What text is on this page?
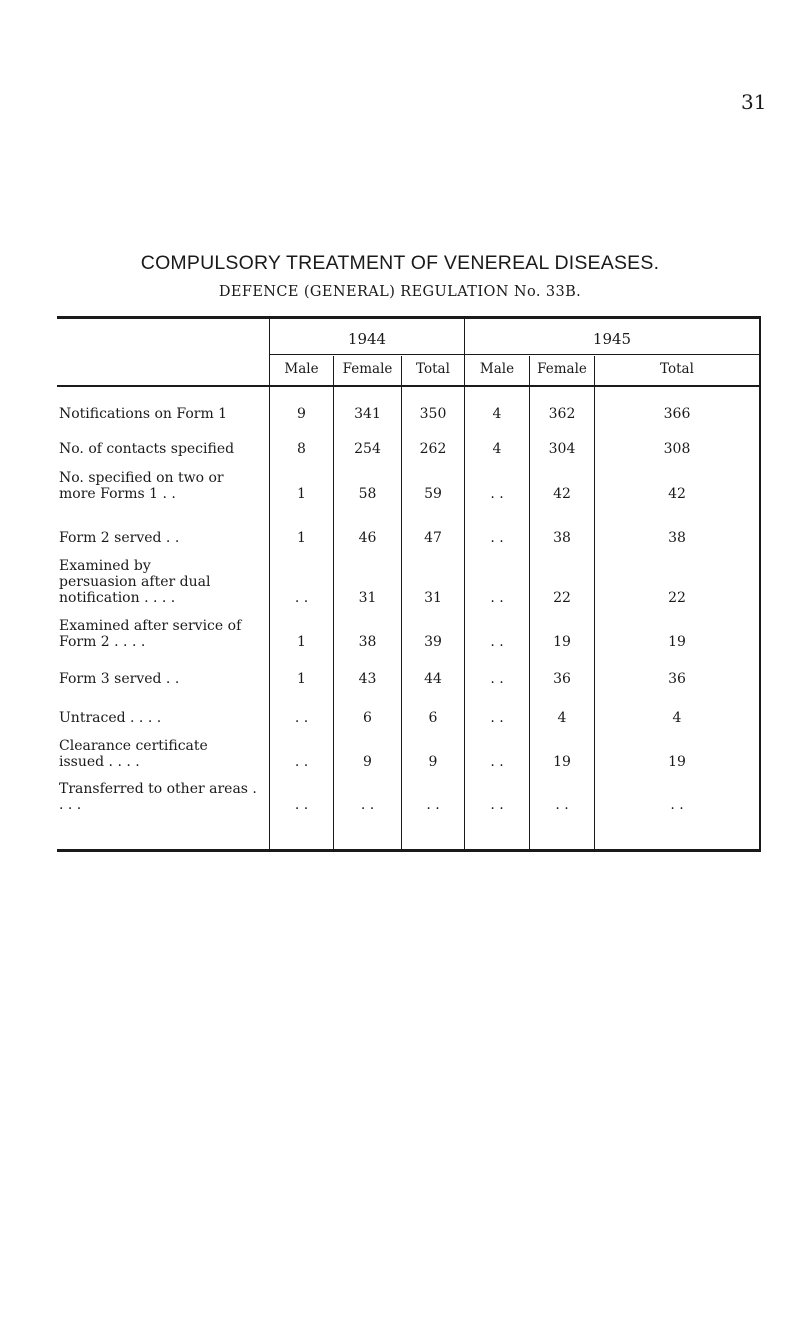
31
COMPULSORY TREATMENT OF VENEREAL DISEASES.
DEFENCE (GENERAL) REGULATION No. 33B.
1944	1945
Male	Female	Total	Male	Female	Total
Notifications on Form 1	9	341	350	4	362	366
No. of contacts specified	8	254	262	4	304	308
No. specified on two or more Forms 1 . .	1	58	59	. .	42	42
Form 2 served . .	1	46	47	. .	38	38
Examined by persuasion after dual notification . . . .	. .	31	31	. .	22	22
Examined after service of Form 2 . . . .	1	38	39	. .	19	19
Form 3 served . .	1	43	44	. .	36	36
Untraced . . . .	. .	6	6	. .	4	4
Clearance certificate issued . . . .	. .	9	9	. .	19	19
Transferred to other areas . . . .	. .	. .	. .	. .	. .	. .
